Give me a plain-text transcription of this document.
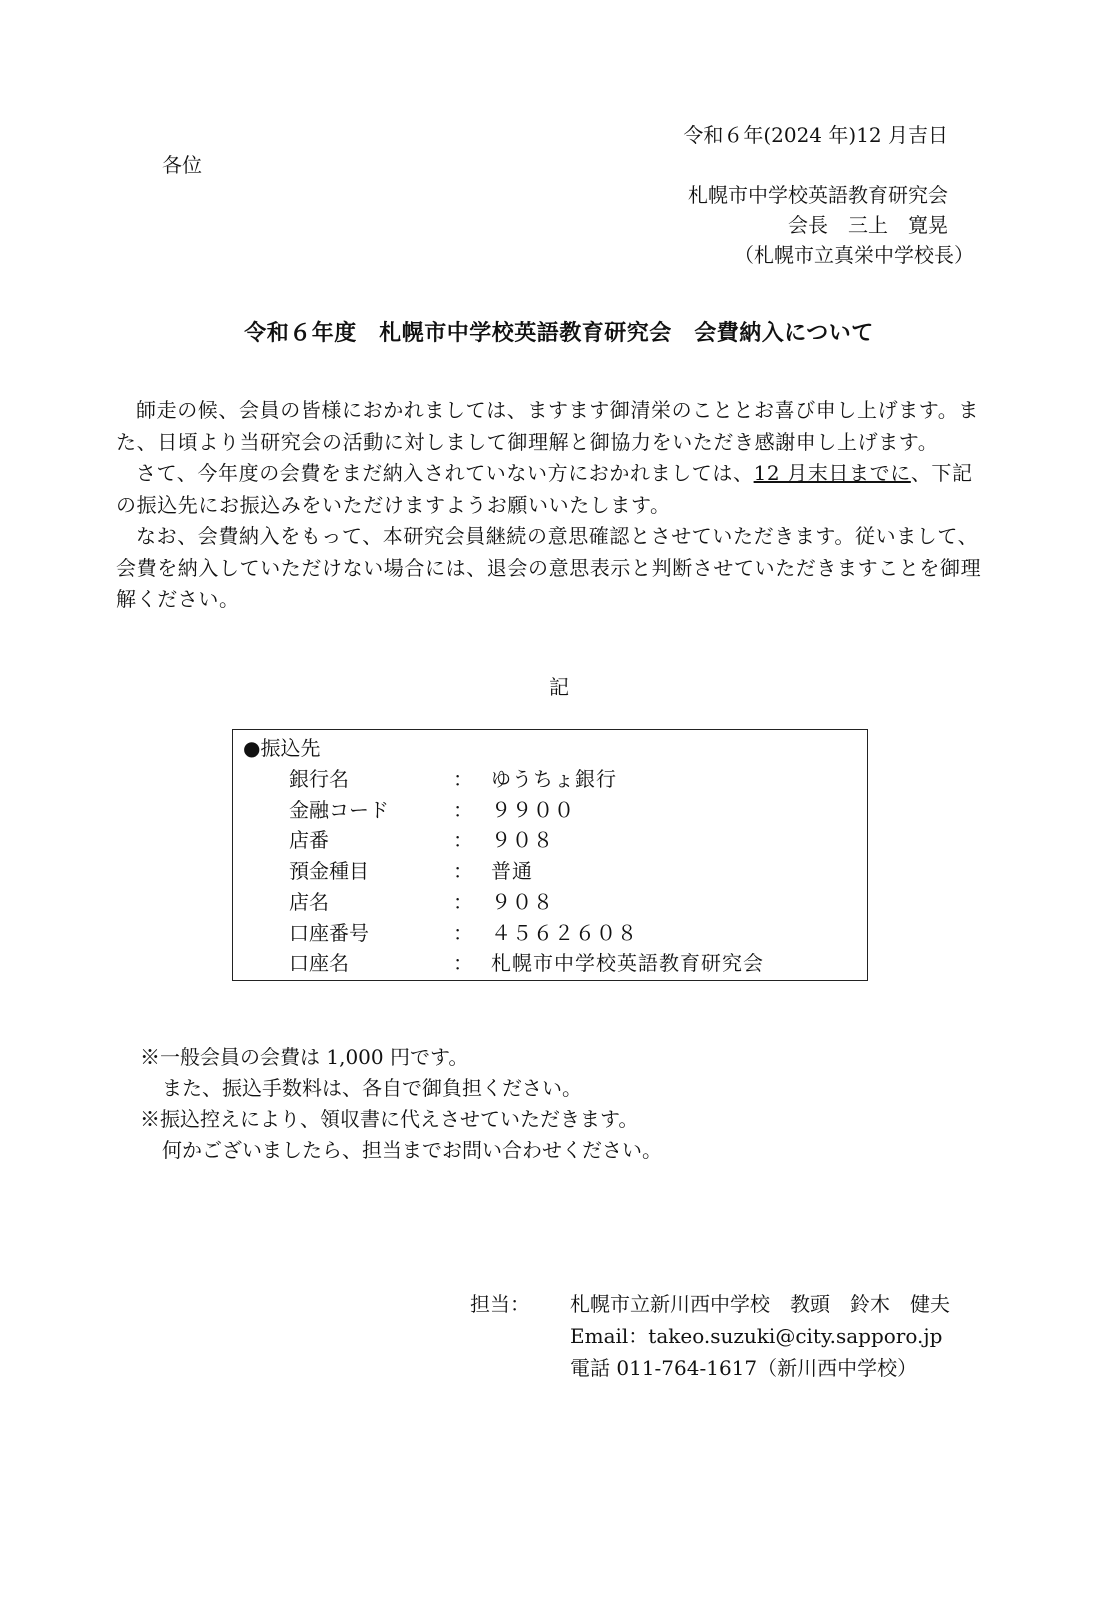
令和６年(2024 年)12 月吉日
各位
札幌市中学校英語教育研究会
会長　三上　寛晃
（札幌市立真栄中学校長）
令和６年度　札幌市中学校英語教育研究会　会費納入について

師走の候、会員の皆様におかれましては、ますます御清栄のこととお喜び申し上げます。また、日頃より当研究会の活動に対しまして御理解と御協力をいただき感謝申し上げます。

さて、今年度の会費をまだ納入されていない方におかれましては、12 月末日までに、下記の振込先にお振込みをいただけますようお願いいたします。

なお、会費納入をもって、本研究会員継続の意思確認とさせていただきます。従いまして、会費を納入していただけない場合には、退会の意思表示と判断させていただきますことを御理解ください。

記
●振込先
銀行名	： ゆうちょ銀行
金融コード	： ９９００
店番	： ９０８
預金種目	： 普通
店名	： ９０８
口座番号	： ４５６２６０８
口座名	： 札幌市中学校英語教育研究会
※一般会員の会費は 1,000 円です。
また、振込手数料は、各自で御負担ください。
※振込控えにより、領収書に代えさせていただきます。
何かございましたら、担当までお問い合わせください。
担当：	札幌市立新川西中学校　教頭　鈴木　健夫
Email：takeo.suzuki@city.sapporo.jp
電話 011-764-1617（新川西中学校）
